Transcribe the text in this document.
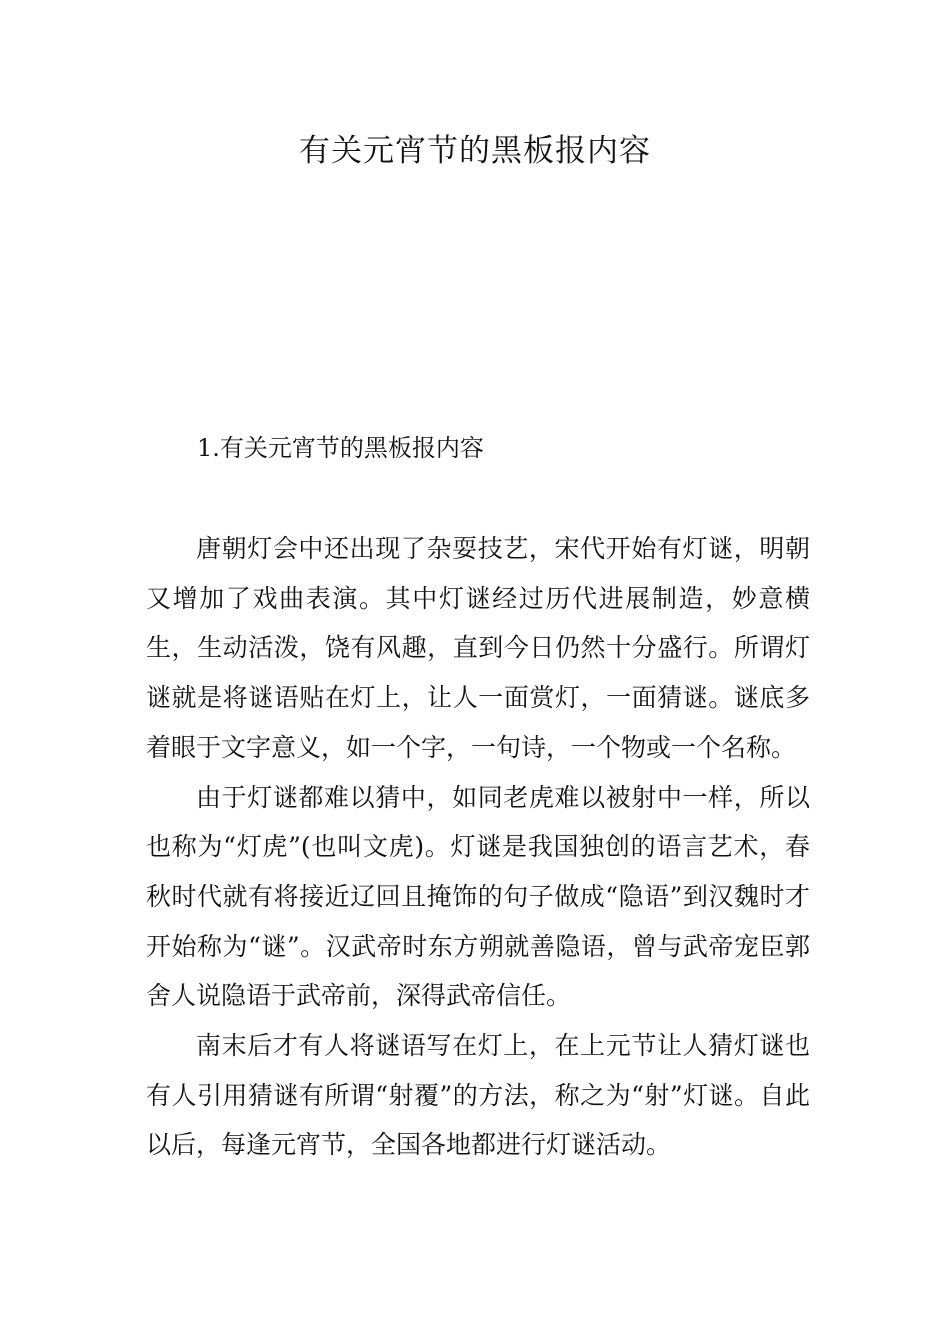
有关元宵节的黑板报内容
1.有关元宵节的黑板报内容

唐朝灯会中还出现了杂耍技艺，宋代开始有灯谜，明朝又增加了戏曲表演。其中灯谜经过历代进展制造，妙意横生，生动活泼，饶有风趣，直到今日仍然十分盛行。所谓灯谜就是将谜语贴在灯上，让人一面赏灯，一面猜谜。谜底多着眼于文字意义，如一个字，一句诗，一个物或一个名称。

由于灯谜都难以猜中，如同老虎难以被射中一样，所以也称为“灯虎”(也叫文虎)。灯谜是我国独创的语言艺术，春秋时代就有将接近辽回且掩饰的句子做成“隐语”到汉魏时才开始称为“谜”。汉武帝时东方朔就善隐语，曾与武帝宠臣郭舍人说隐语于武帝前，深得武帝信任。

南末后才有人将谜语写在灯上，在上元节让人猜灯谜也有人引用猜谜有所谓“射覆”的方法，称之为“射”灯谜。自此以后，每逢元宵节，全国各地都进行灯谜活动。
